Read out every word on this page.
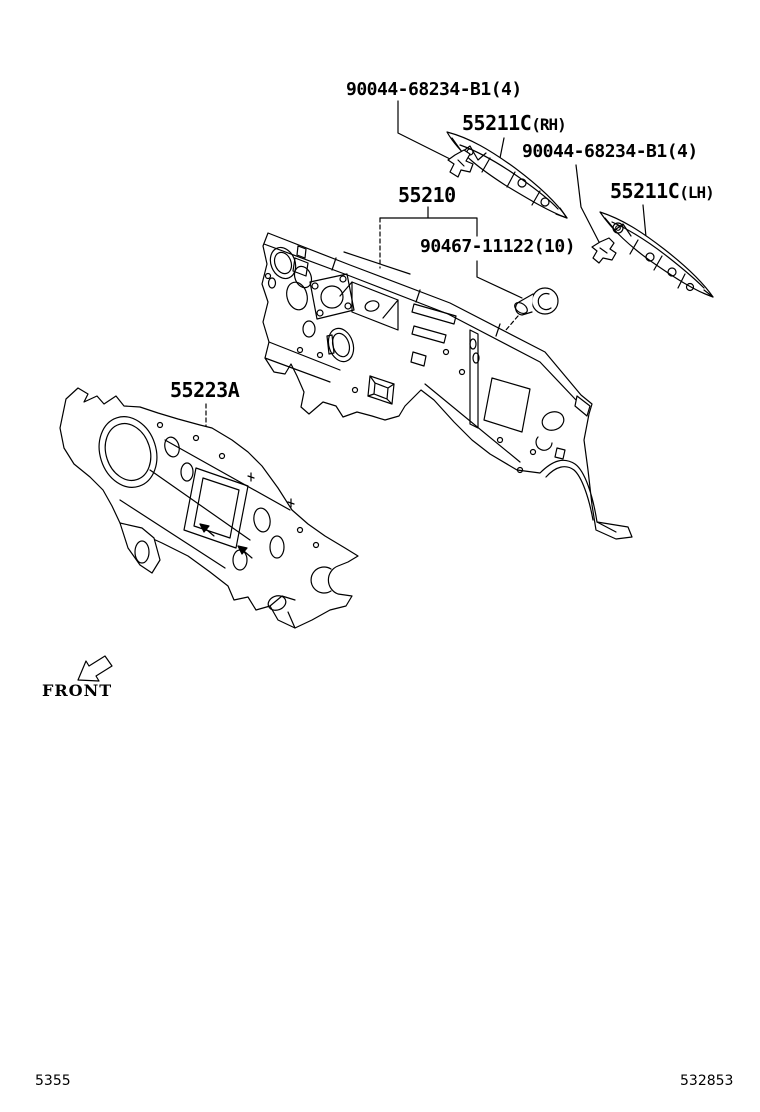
90044-68234-B1(4)
55211C(RH)
90044-68234-B1(4)
55211C(LH)
55210
90467-11122(10)
55223A
FRONT
5355	532853
